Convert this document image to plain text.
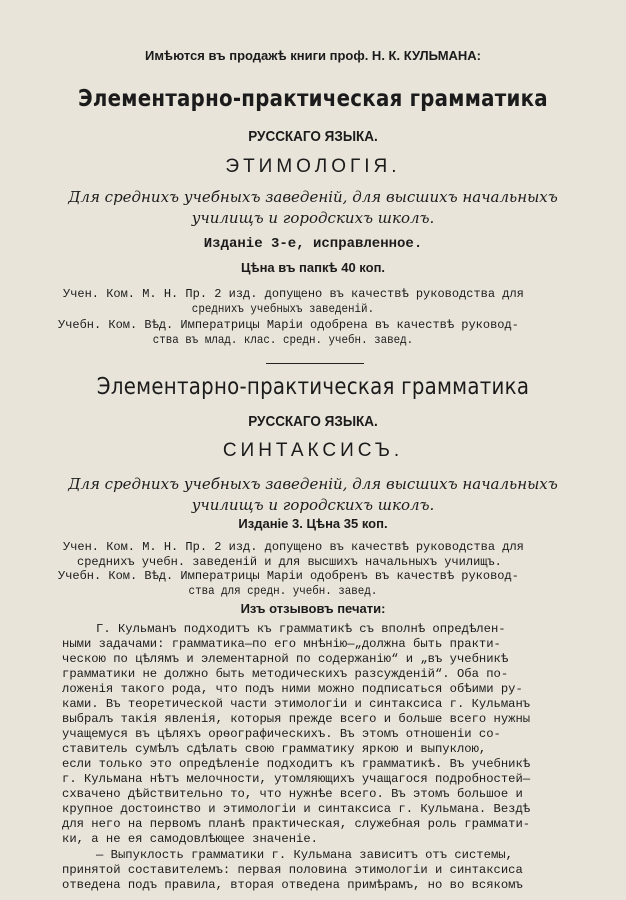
Имѣются въ продажѣ книги проф. Н. К. КУЛЬМАНА:
Элементарно-практическая грамматика
РУССКАГО ЯЗЫКА.
ЭТИМОЛОГІЯ.
Для среднихъ учебныхъ заведеній, для высшихъ начальныхъ
училищъ и городскихъ школъ.
Изданіе 3-е, исправленное.
Цѣна въ папкѣ 40 коп.
Учен. Ком. М. Н. Пр. 2 изд. допущено въ качествѣ руководства для
среднихъ учебныхъ заведеній.
Учебн. Ком. Вѣд. Императрицы Маріи одобрена въ качествѣ руковод-
ства въ млад. клас. средн. учебн. завед.
Элементарно-практическая грамматика
РУССКАГО ЯЗЫКА.
СИНТАКСИСЪ.
Для среднихъ учебныхъ заведеній, для высшихъ начальныхъ
училищъ и городскихъ школъ.
Изданіе 3. Цѣна 35 коп.
Учен. Ком. М. Н. Пр. 2 изд. допущено въ качествѣ руководства для
среднихъ учебн. заведеній и для высшихъ начальныхъ училищъ.
Учебн. Ком. Вѣд. Императрицы Маріи одобренъ въ качествѣ руковод-
ства для средн. учебн. завед.
Изъ отзывовъ печати:
Г. Кульманъ подходитъ къ грамматикѣ съ вполнѣ опредѣлен-
ными задачами: грамматика—по его мнѣнію—„должна быть практи-
ческою по цѣлямъ и элементарной по содержанію“ и „въ учебникѣ
грамматики не должно быть методическихъ разсужденій“. Оба по-
ложенія такого рода, что подъ ними можно подписаться обѣими ру-
ками. Въ теоретической части этимологіи и синтаксиса г. Кульманъ
выбралъ такія явленія, которыя прежде всего и больше всего нужны
учащемуся въ цѣляхъ орѳографическихъ. Въ этомъ отношеніи со-
ставитель сумѣлъ сдѣлать свою грамматику яркою и выпуклою,
если только это опредѣленіе подходитъ къ грамматикѣ. Въ учебникѣ
г. Кульмана нѣтъ мелочности, утомляющихъ учащагося подробностей—
схвачено дѣйствительно то, что нужнѣе всего. Въ этомъ большое и
крупное достоинство и этимологіи и синтаксиса г. Кульмана. Вездѣ
для него на первомъ планѣ практическая, служебная роль граммати-
ки, а не ея самодовлѣющее значеніе.
— Выпуклость грамматики г. Кульмана зависитъ отъ системы,
принятой составителемъ: первая половина этимологіи и синтаксиса
отведена подъ правила, вторая отведена примѣрамъ, но во всякомъ
